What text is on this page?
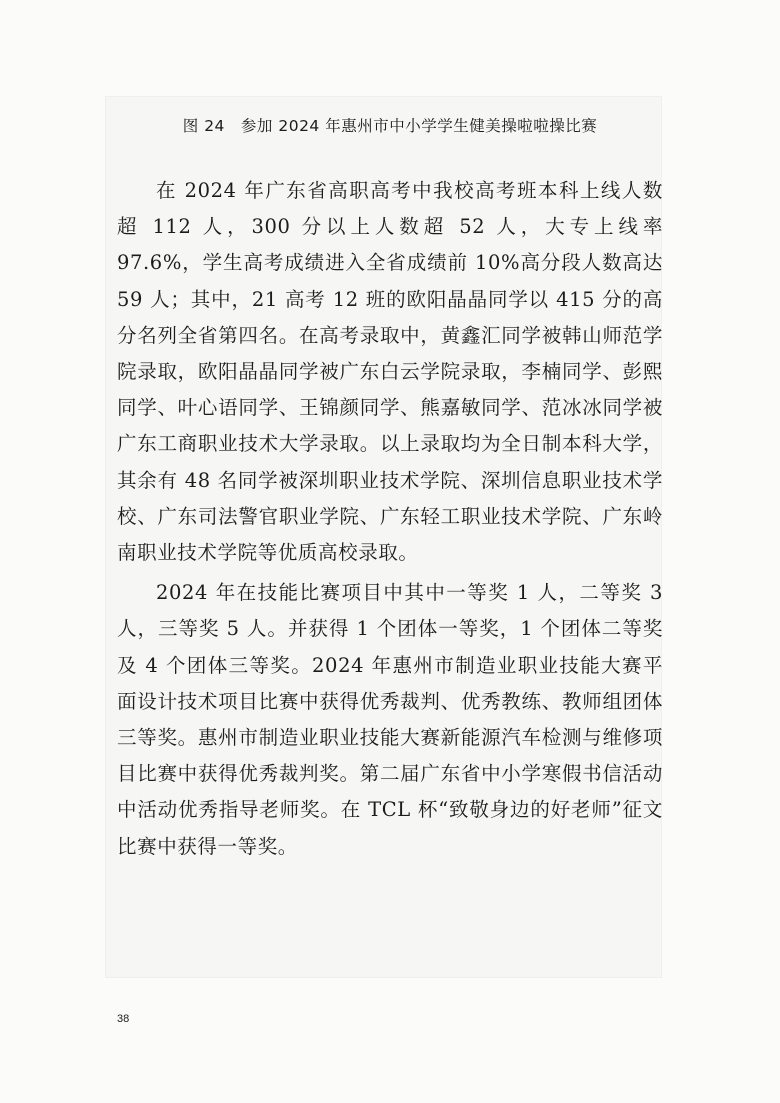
图 24　参加 2024 年惠州市中小学学生健美操啦啦操比赛

在 2024 年广东省高职高考中我校高考班本科上线人数超 112 人，300 分以上人数超 52 人，大专上线率 97.6%，学生高考成绩进入全省成绩前 10%高分段人数高达 59 人；其中，21 高考 12 班的欧阳晶晶同学以 415 分的高分名列全省第四名。在高考录取中，黄鑫汇同学被韩山师范学院录取，欧阳晶晶同学被广东白云学院录取，李楠同学、彭熙同学、叶心语同学、王锦颜同学、熊嘉敏同学、范冰冰同学被广东工商职业技术大学录取。以上录取均为全日制本科大学，其余有 48 名同学被深圳职业技术学院、深圳信息职业技术学校、广东司法警官职业学院、广东轻工职业技术学院、广东岭南职业技术学院等优质高校录取。

2024 年在技能比赛项目中其中一等奖 1 人，二等奖 3 人，三等奖 5 人。并获得 1 个团体一等奖，1 个团体二等奖及 4 个团体三等奖。2024 年惠州市制造业职业技能大赛平面设计技术项目比赛中获得优秀裁判、优秀教练、教师组团体三等奖。惠州市制造业职业技能大赛新能源汽车检测与维修项目比赛中获得优秀裁判奖。第二届广东省中小学寒假书信活动中活动优秀指导老师奖。在 TCL 杯“致敬身边的好老师”征文比赛中获得一等奖。

38
